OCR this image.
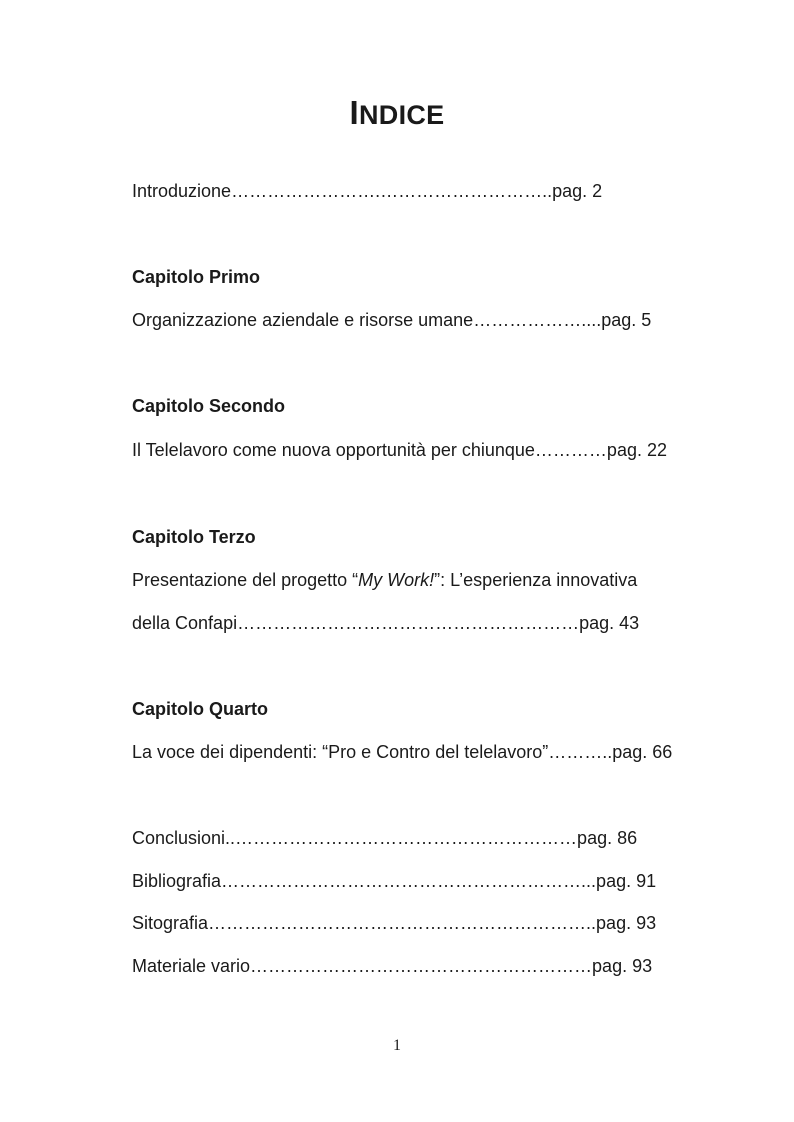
INDICE
Introduzione…………………….………………………..pag. 2
Capitolo Primo
Organizzazione aziendale e risorse umane………………....pag. 5
Capitolo Secondo
Il Telelavoro come nuova opportunità per chiunque…………pag. 22
Capitolo Terzo
Presentazione del progetto “My Work!”: L’esperienza innovativa
della Confapi…………………………………………………pag. 43
Capitolo Quarto
La voce dei dipendenti: “Pro e Contro del telelavoro”………..pag. 66
Conclusioni..…………………………………………………pag. 86
Bibliografia……………………………………………………...pag. 91
Sitografia………………………………………………………..pag. 93
Materiale vario…………………………………………………pag. 93
1
